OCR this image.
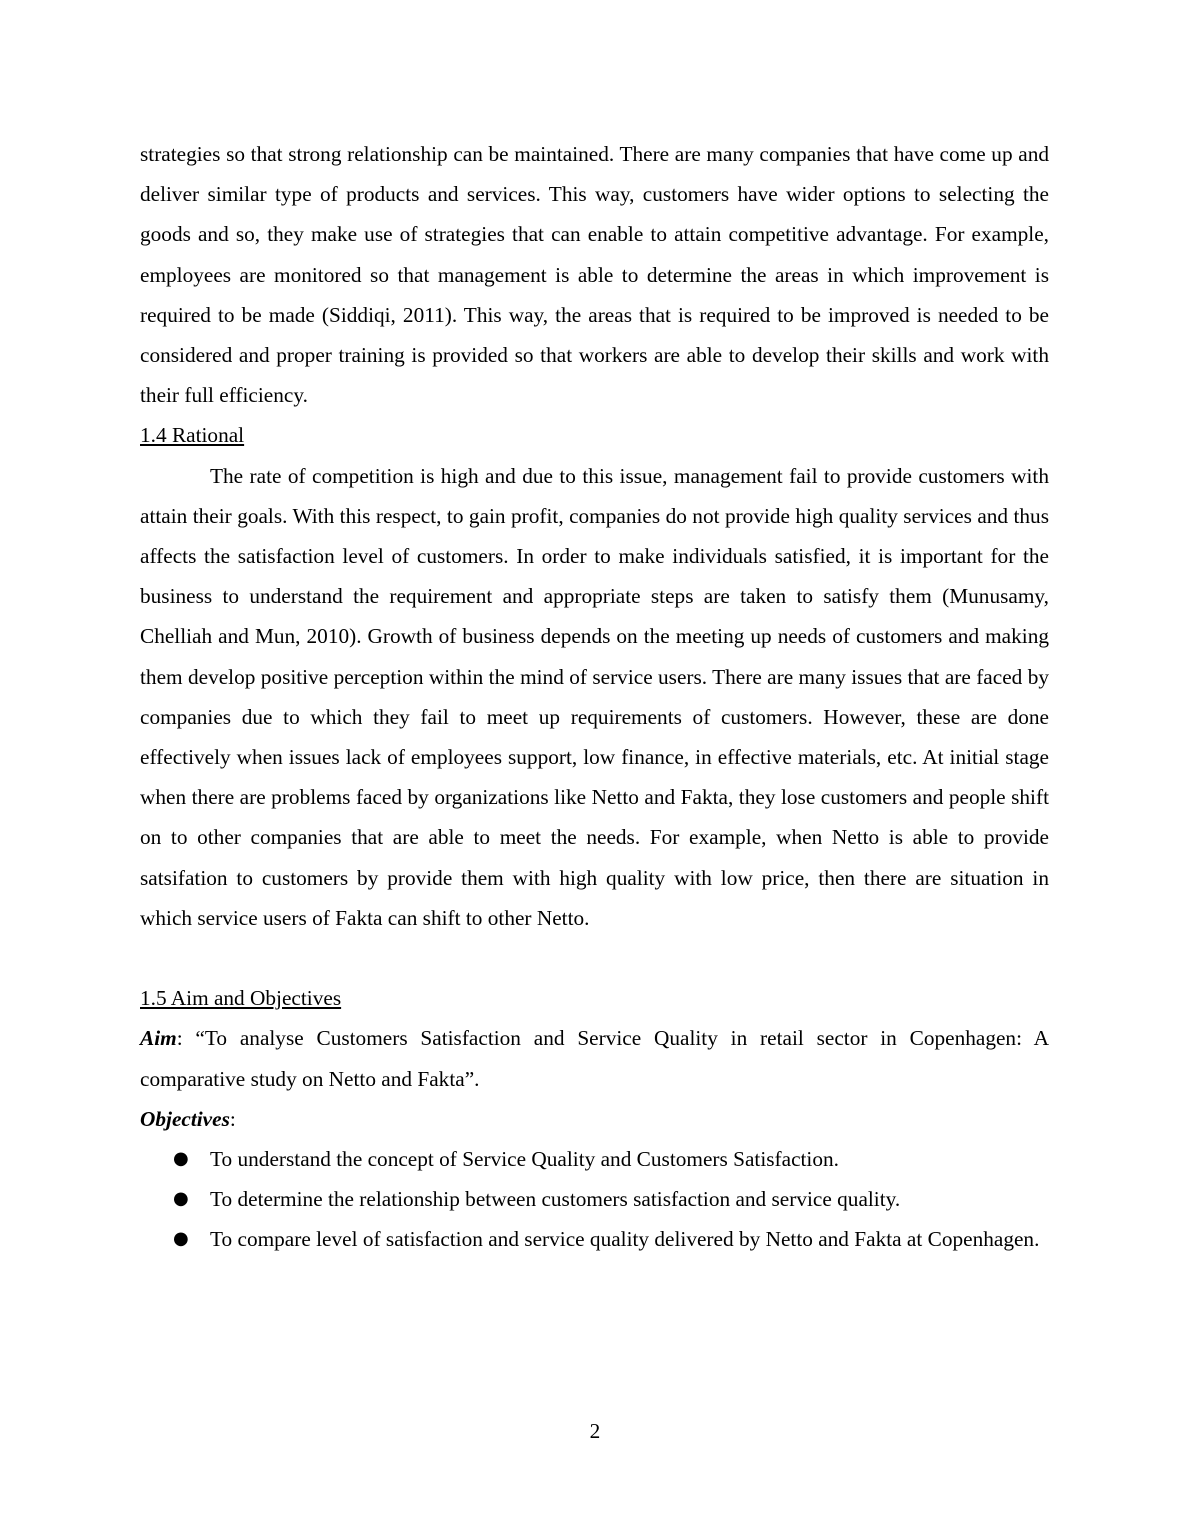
strategies so that strong relationship can be maintained. There are many companies that have come up and deliver similar type of products and services. This way, customers have wider options to selecting the goods and so, they make use of strategies that can enable to attain competitive advantage. For example, employees are monitored so that management is able to determine the areas in which improvement is required to be made (Siddiqi, 2011). This way, the areas that is required to be improved is needed to be considered and proper training is provided so that workers are able to develop their skills and work with their full efficiency.

1.4 Rational

The rate of competition is high and due to this issue, management fail to provide customers with attain their goals. With this respect, to gain profit, companies do not provide high quality services and thus affects the satisfaction level of customers. In order to make individuals satisfied, it is important for the business to understand the requirement and appropriate steps are taken to satisfy them (Munusamy, Chelliah and Mun, 2010). Growth of business depends on the meeting up needs of customers and making them develop positive perception within the mind of service users. There are many issues that are faced by companies due to which they fail to meet up requirements of customers. However, these are done effectively when issues lack of employees support, low finance, in effective materials, etc. At initial stage when there are problems faced by organizations like Netto and Fakta, they lose customers and people shift on to other companies that are able to meet the needs. For example, when Netto is able to provide satsifation to customers by provide them with high quality with low price, then there are situation in which service users of Fakta can shift to other Netto.

1.5 Aim and Objectives

Aim: “To analyse Customers Satisfaction and Service Quality in retail sector in Copenhagen: A comparative study on Netto and Fakta”.

Objectives:

● To understand the concept of Service Quality and Customers Satisfaction.
● To determine the relationship between customers satisfaction and service quality.
● To compare level of satisfaction and service quality delivered by Netto and Fakta at Copenhagen.
2
